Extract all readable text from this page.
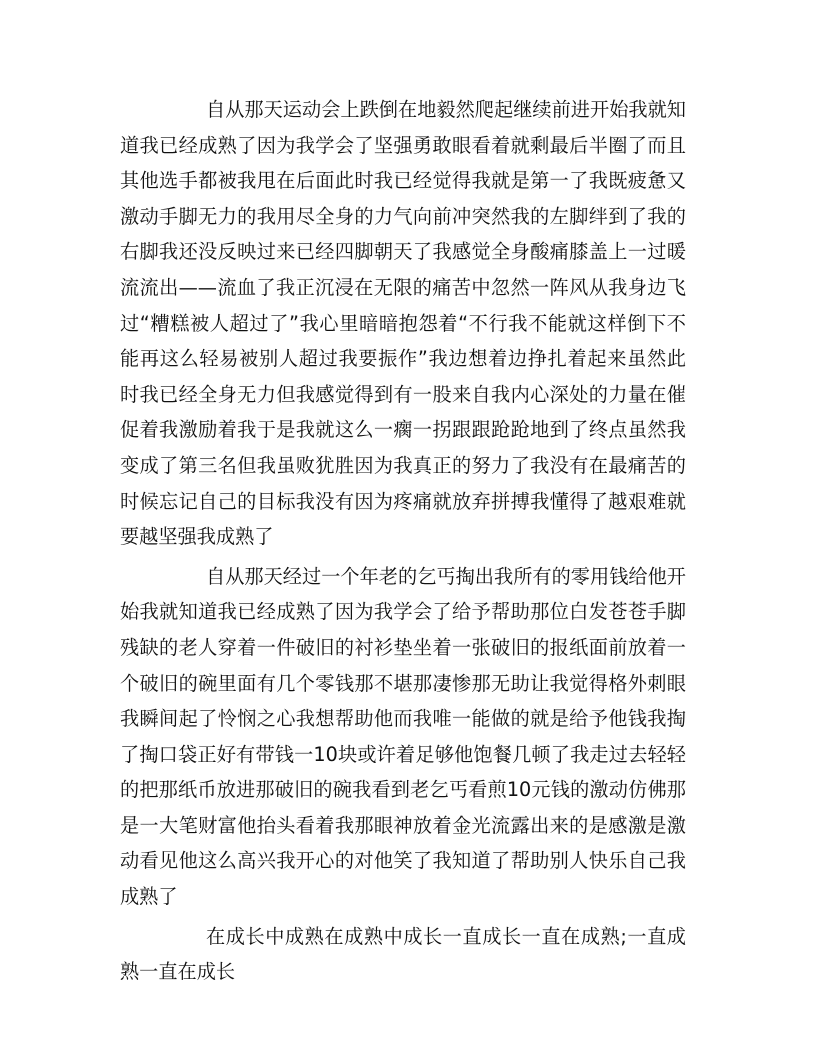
自从那天运动会上跌倒在地毅然爬起继续前进开始我就知道我已经成熟了因为我学会了坚强勇敢眼看着就剩最后半圈了而且其他选手都被我甩在后面此时我已经觉得我就是第一了我既疲惫又激动手脚无力的我用尽全身的力气向前冲突然我的左脚绊到了我的右脚我还没反映过来已经四脚朝天了我感觉全身酸痛膝盖上一过暖流流出——流血了我正沉浸在无限的痛苦中忽然一阵风从我身边飞过“糟糕被人超过了”我心里暗暗抱怨着“不行我不能就这样倒下不能再这么轻易被别人超过我要振作”我边想着边挣扎着起来虽然此时我已经全身无力但我感觉得到有一股来自我内心深处的力量在催促着我激励着我于是我就这么一瘸一拐跟跟跄跄地到了终点虽然我变成了第三名但我虽败犹胜因为我真正的努力了我没有在最痛苦的时候忘记自己的目标我没有因为疼痛就放弃拼搏我懂得了越艰难就要越坚强我成熟了

自从那天经过一个年老的乞丐掏出我所有的零用钱给他开始我就知道我已经成熟了因为我学会了给予帮助那位白发苍苍手脚残缺的老人穿着一件破旧的衬衫垫坐着一张破旧的报纸面前放着一个破旧的碗里面有几个零钱那不堪那凄惨那无助让我觉得格外刺眼我瞬间起了怜悯之心我想帮助他而我唯一能做的就是给予他钱我掏了掏口袋正好有带钱一10块或许着足够他饱餐几顿了我走过去轻轻的把那纸币放进那破旧的碗我看到老乞丐看煎10元钱的激动仿佛那是一大笔财富他抬头看着我那眼神放着金光流露出来的是感激是激动看见他这么高兴我开心的对他笑了我知道了帮助别人快乐自己我成熟了

在成长中成熟在成熟中成长一直成长一直在成熟;一直成熟一直在成长
